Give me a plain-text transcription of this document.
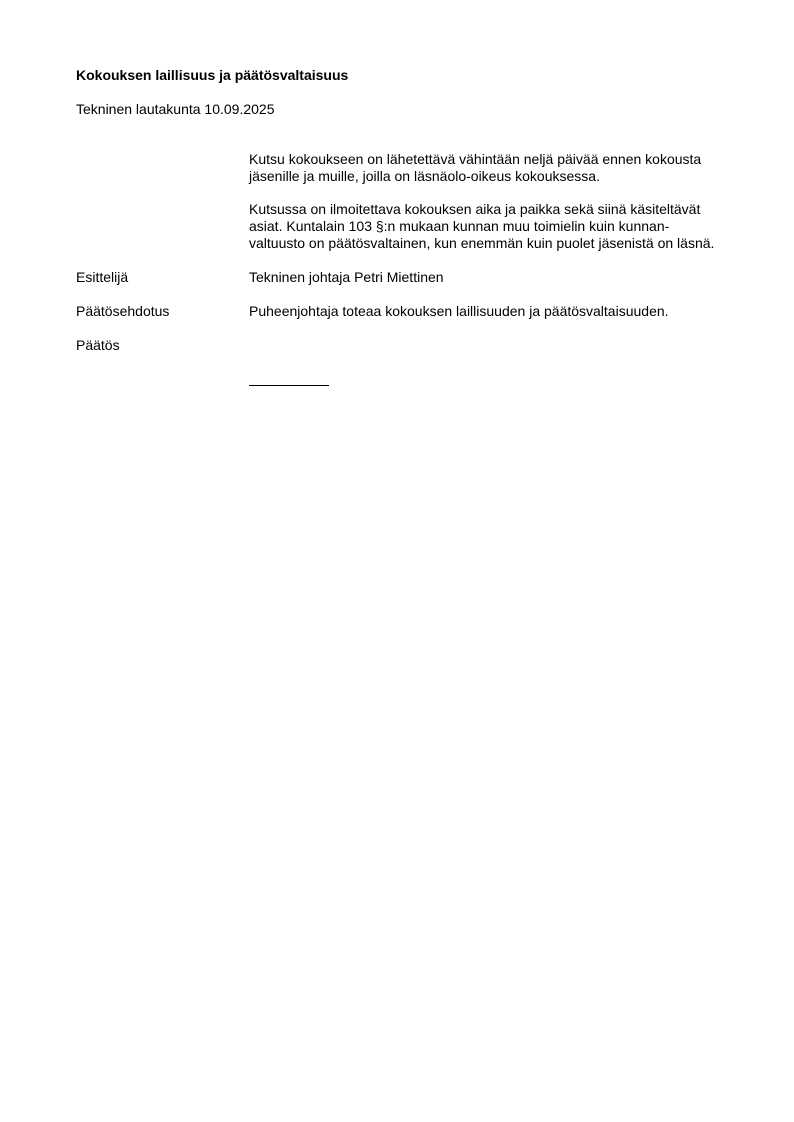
Kokouksen laillisuus ja päätösvaltaisuus
Tekninen lautakunta 10.09.2025
Kutsu kokoukseen on lähetettävä vähintään neljä päivää ennen kokousta
jäsenille ja muille, joilla on läsnäolo-oikeus kokouksessa.
Kutsussa on ilmoitettava kokouksen aika ja paikka sekä siinä käsiteltävät
asiat. Kuntalain 103 §:n mukaan kunnan muu toimielin kuin kunnan-
valtuusto on päätösvaltainen, kun enemmän kuin puolet jäsenistä on läsnä.
Esittelijä	Tekninen johtaja Petri Miettinen
Päätösehdotus	Puheenjohtaja toteaa kokouksen laillisuuden ja päätösvaltaisuuden.
Päätös
